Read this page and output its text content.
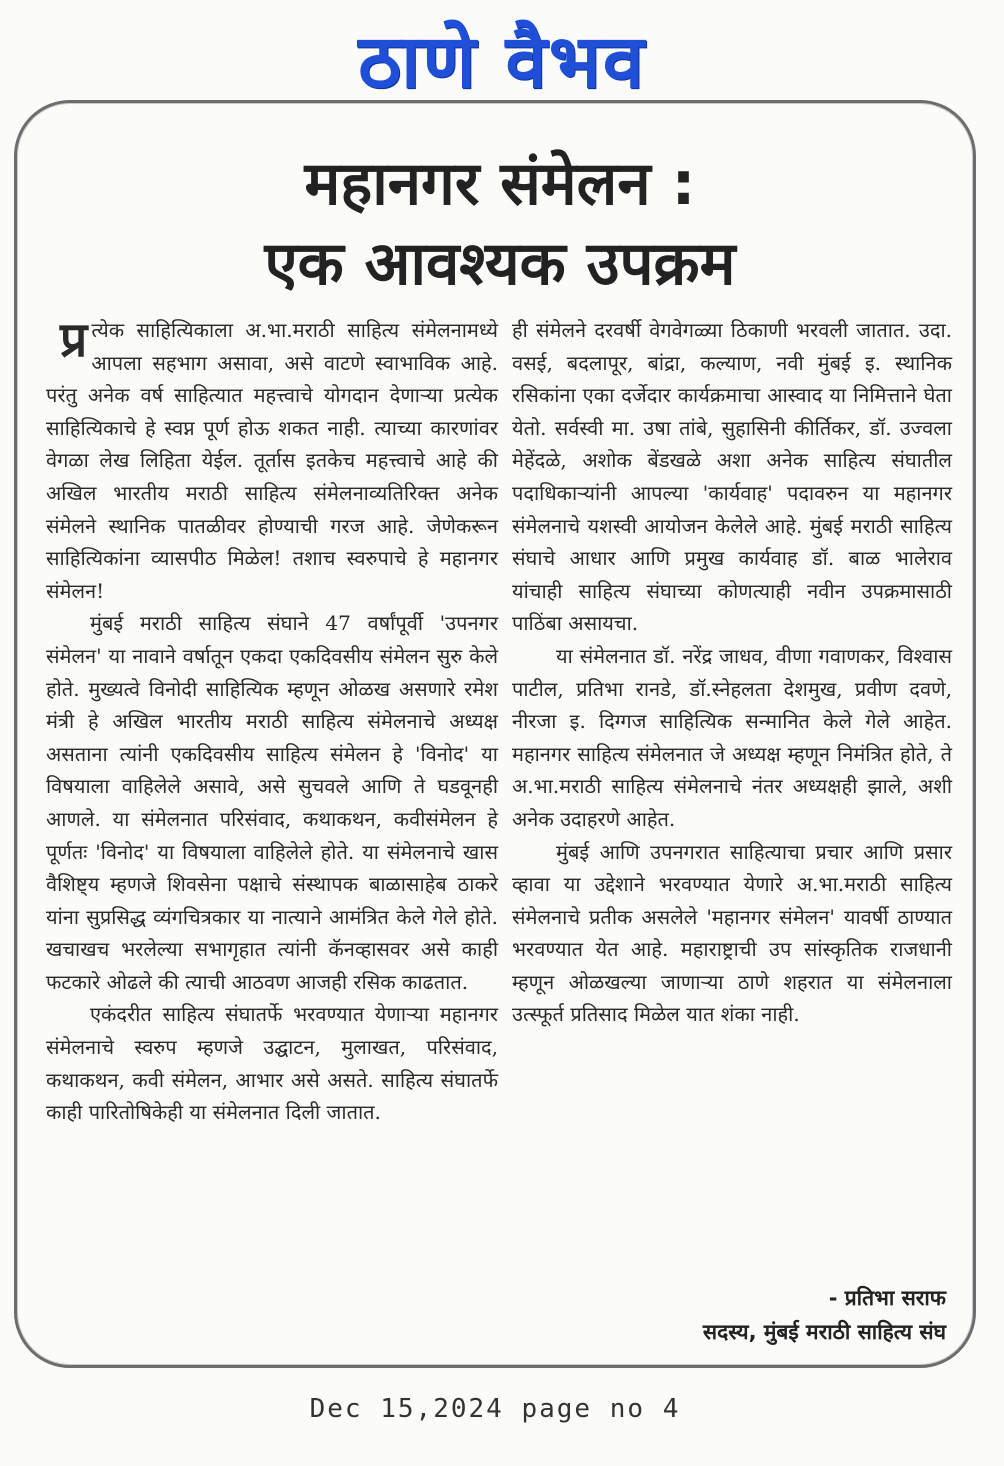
ठाणे वैभव
महानगर संमेलन :
एक आवश्यक उपक्रम

प्र त्येक साहित्यिकाला अ.भा.मराठी साहित्य संमेलनामध्ये आपला सहभाग असावा, असे वाटणे स्वाभाविक आहे. परंतु अनेक वर्ष साहित्यात महत्त्वाचे योगदान देणाऱ्या प्रत्येक साहित्यिकाचे हे स्वप्न पूर्ण होऊ शकत नाही. त्याच्या कारणांवर वेगळा लेख लिहिता येईल. तूर्तास इतकेच महत्त्वाचे आहे की अखिल भारतीय मराठी साहित्य संमेलनाव्यतिरिक्त अनेक संमेलने स्थानिक पातळीवर होण्याची गरज आहे. जेणेकरून साहित्यिकांना व्यासपीठ मिळेल! तशाच स्वरुपाचे हे महानगर संमेलन!

मुंबई मराठी साहित्य संघाने 47 वर्षांपूर्वी 'उपनगर संमेलन' या नावाने वर्षातून एकदा एकदिवसीय संमेलन सुरु केले होते. मुख्यत्वे विनोदी साहित्यिक म्हणून ओळख असणारे रमेश मंत्री हे अखिल भारतीय मराठी साहित्य संमेलनाचे अध्यक्ष असताना त्यांनी एकदिवसीय साहित्य संमेलन हे 'विनोद' या विषयाला वाहिलेले असावे, असे सुचवले आणि ते घडवूनही आणले. या संमेलनात परिसंवाद, कथाकथन, कवीसंमेलन हे पूर्णतः 'विनोद' या विषयाला वाहिलेले होते. या संमेलनाचे खास वैशिष्ट्य म्हणजे शिवसेना पक्षाचे संस्थापक बाळासाहेब ठाकरे यांना सुप्रसिद्ध व्यंगचित्रकार या नात्याने आमंत्रित केले गेले होते. खचाखच भरलेल्या सभागृहात त्यांनी कॅनव्हासवर असे काही फटकारे ओढले की त्याची आठवण आजही रसिक काढतात.

एकंदरीत साहित्य संघातर्फे भरवण्यात येणाऱ्या महानगर संमेलनाचे स्वरुप म्हणजे उद्घाटन, मुलाखत, परिसंवाद, कथाकथन, कवी संमेलन, आभार असे असते. साहित्य संघातर्फे काही पारितोषिकेही या संमेलनात दिली जातात.

ही संमेलने दरवर्षी वेगवेगळ्या ठिकाणी भरवली जातात. उदा. वसई, बदलापूर, बांद्रा, कल्याण, नवी मुंबई इ. स्थानिक रसिकांना एका दर्जेदार कार्यक्रमाचा आस्वाद या निमित्ताने घेता येतो. सर्वस्वी मा. उषा तांबे, सुहासिनी कीर्तिकर, डॉ. उज्वला मेहेंदळे, अशोक बेंडखळे अशा अनेक साहित्य संघातील पदाधिकाऱ्यांनी आपल्या 'कार्यवाह' पदावरुन या महानगर संमेलनाचे यशस्वी आयोजन केलेले आहे. मुंबई मराठी साहित्य संघाचे आधार आणि प्रमुख कार्यवाह डॉ. बाळ भालेराव यांचाही साहित्य संघाच्या कोणत्याही नवीन उपक्रमासाठी पाठिंबा असायचा.

या संमेलनात डॉ. नरेंद्र जाधव, वीणा गवाणकर, विश्वास पाटील, प्रतिभा रानडे, डॉ.स्नेहलता देशमुख, प्रवीण दवणे, नीरजा इ. दिग्गज साहित्यिक सन्मानित केले गेले आहेत. महानगर साहित्य संमेलनात जे अध्यक्ष म्हणून निमंत्रित होते, ते अ.भा.मराठी साहित्य संमेलनाचे नंतर अध्यक्षही झाले, अशी अनेक उदाहरणे आहेत.

मुंबई आणि उपनगरात साहित्याचा प्रचार आणि प्रसार व्हावा या उद्देशाने भरवण्यात येणारे अ.भा.मराठी साहित्य संमेलनाचे प्रतीक असलेले 'महानगर संमेलन' यावर्षी ठाण्यात भरवण्यात येत आहे. महाराष्ट्राची उप सांस्कृतिक राजधानी म्हणून ओळखल्या जाणाऱ्या ठाणे शहरात या संमेलनाला उत्स्फूर्त प्रतिसाद मिळेल यात शंका नाही.

- प्रतिभा सराफ
सदस्य, मुंबई मराठी साहित्य संघ
Dec 15,2024 page no 4
